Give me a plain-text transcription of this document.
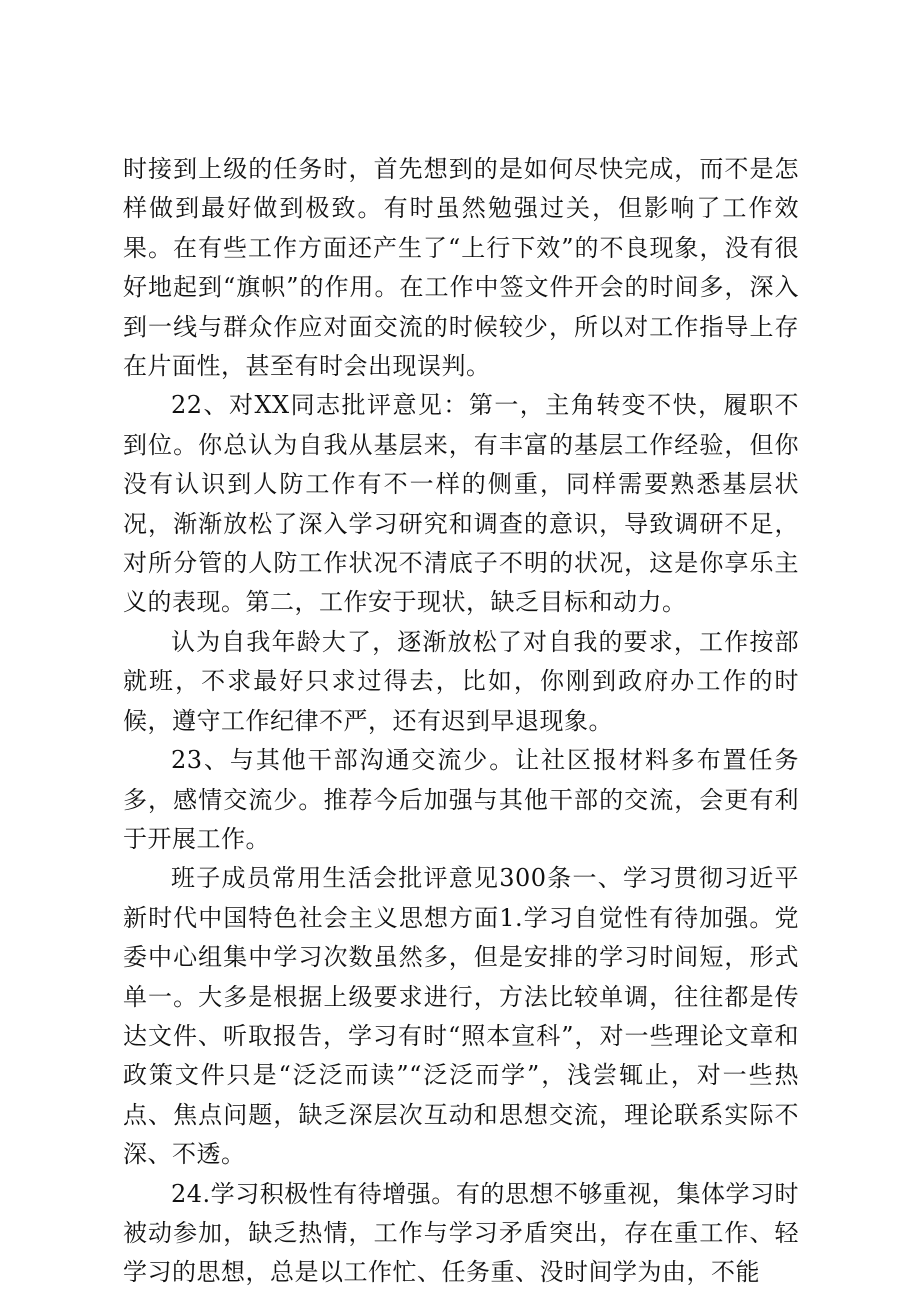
时接到上级的任务时，首先想到的是如何尽快完成，而不是怎样做到最好做到极致。有时虽然勉强过关，但影响了工作效果。在有些工作方面还产生了“上行下效”的不良现象，没有很好地起到“旗帜”的作用。在工作中签文件开会的时间多，深入到一线与群众作应对面交流的时候较少，所以对工作指导上存在片面性，甚至有时会出现误判。

22、对XX同志批评意见：第一，主角转变不快，履职不到位。你总认为自我从基层来，有丰富的基层工作经验，但你没有认识到人防工作有不一样的侧重，同样需要熟悉基层状况，渐渐放松了深入学习研究和调查的意识，导致调研不足，对所分管的人防工作状况不清底子不明的状况，这是你享乐主义的表现。第二，工作安于现状，缺乏目标和动力。

认为自我年龄大了，逐渐放松了对自我的要求，工作按部就班，不求最好只求过得去，比如，你刚到政府办工作的时候，遵守工作纪律不严，还有迟到早退现象。

23、与其他干部沟通交流少。让社区报材料多布置任务多，感情交流少。推荐今后加强与其他干部的交流，会更有利于开展工作。

班子成员常用生活会批评意见300条一、学习贯彻习近平新时代中国特色社会主义思想方面1.学习自觉性有待加强。党委中心组集中学习次数虽然多，但是安排的学习时间短，形式单一。大多是根据上级要求进行，方法比较单调，往往都是传达文件、听取报告，学习有时“照本宣科”，对一些理论文章和政策文件只是“泛泛而读”“泛泛而学”，浅尝辄止，对一些热点、焦点问题，缺乏深层次互动和思想交流，理论联系实际不深、不透。

24.学习积极性有待增强。有的思想不够重视，集体学习时被动参加，缺乏热情，工作与学习矛盾突出，存在重工作、轻学习的思想，总是以工作忙、任务重、没时间学为由，不能
